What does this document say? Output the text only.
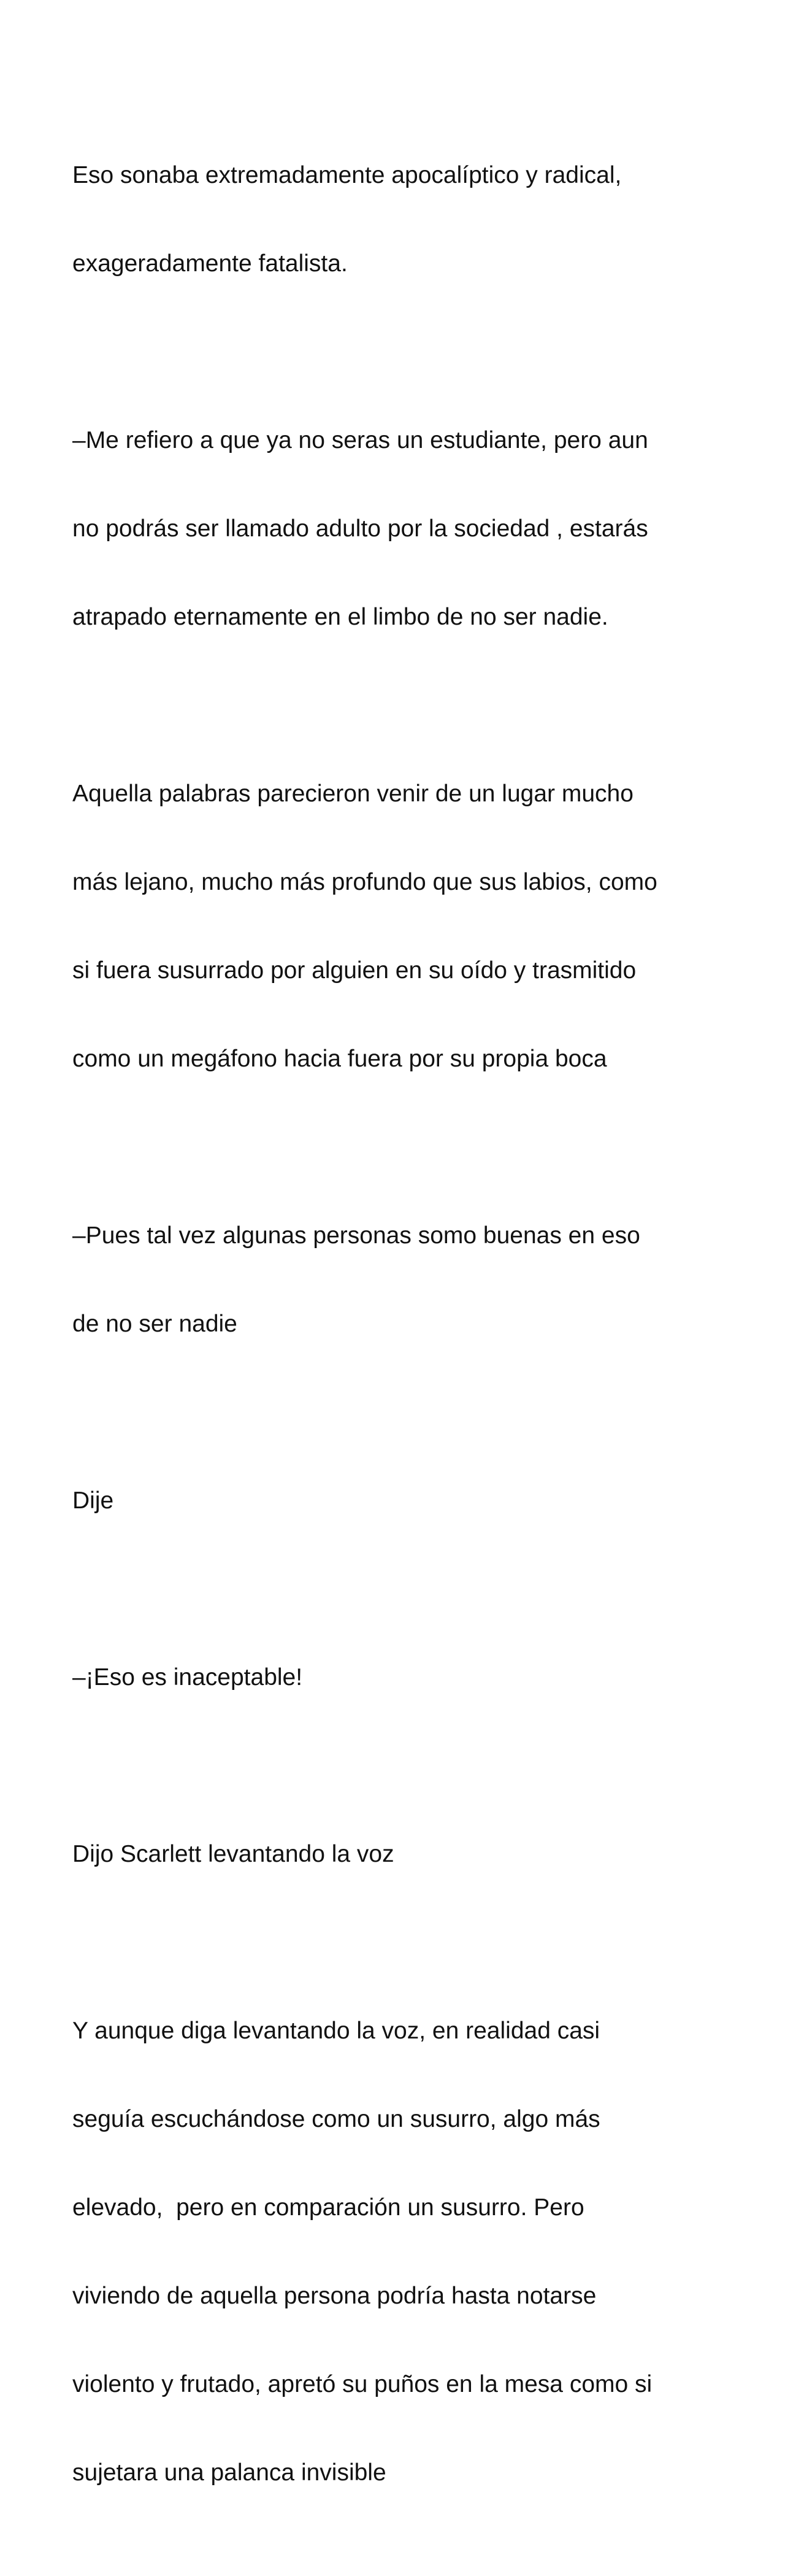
Eso sonaba extremadamente apocalíptico y radical,

exageradamente fatalista.

–Me refiero a que ya no seras un estudiante, pero aun

no podrás ser llamado adulto por la sociedad , estarás

atrapado eternamente en el limbo de no ser nadie.

Aquella palabras parecieron venir de un lugar mucho

más lejano, mucho más profundo que sus labios, como

si fuera susurrado por alguien en su oído y trasmitido

como un megáfono hacia fuera por su propia boca

–Pues tal vez algunas personas somo buenas en eso

de no ser nadie

Dije

–¡Eso es inaceptable!

Dijo Scarlett levantando la voz

Y aunque diga levantando la voz, en realidad casi

seguía escuchándose como un susurro, algo más

elevado,  pero en comparación un susurro. Pero

viviendo de aquella persona podría hasta notarse

violento y frutado, apretó su puños en la mesa como si

sujetara una palanca invisible
